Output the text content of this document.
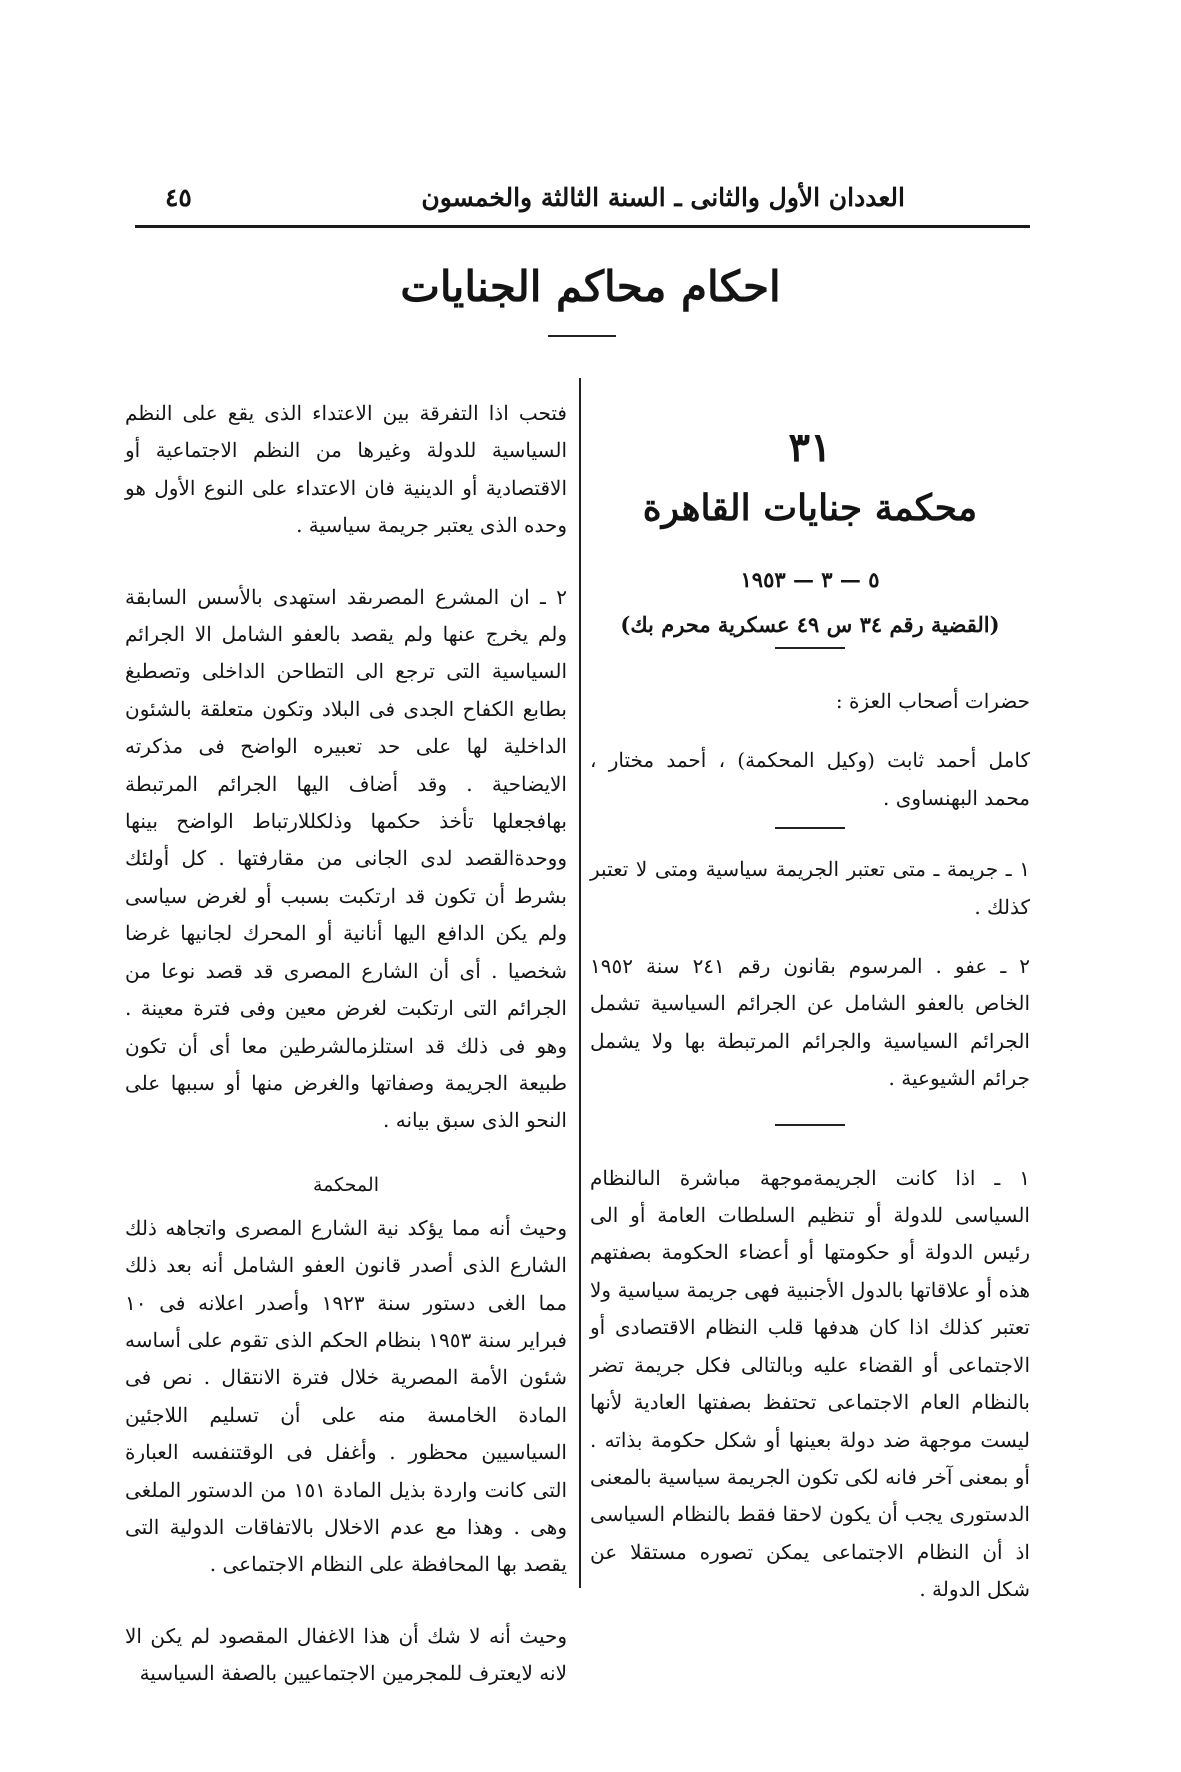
العددان الأول والثانى ـ السنة الثالثة والخمسون
٤٥
احكام محاكم الجنايات
٣١
محكمة جنايات القاهرة
٥ — ٣ — ١٩٥٣
(القضية رقم ٣٤ س ٤٩ عسكرية محرم بك)

حضرات أصحاب العزة :

كامل أحمد ثابت (وكيل المحكمة) ، أحمد مختار ، محمد البهنساوى .

١ ـ جريمة ـ متى تعتبر الجريمة سياسية ومتى لا تعتبر كذلك .

٢ ـ عفو . المرسوم بقانون رقم ٢٤١ سنة ١٩٥٢ الخاص بالعفو الشامل عن الجرائم السياسية تشمل الجرائم السياسية والجرائم المرتبطة بها ولا يشمل جرائم الشيوعية .

١ ـ اذا كانت الجريمةموجهة مباشرة الىالنظام السياسى للدولة أو تنظيم السلطات العامة أو الى رئيس الدولة أو حكومتها أو أعضاء الحكومة بصفتهم هذه أو علاقاتها بالدول الأجنبية فهى جريمة سياسية ولا تعتبر كذلك اذا كان هدفها قلب النظام الاقتصادى أو الاجتماعى أو القضاء عليه وبالتالى فكل جريمة تضر بالنظام العام الاجتماعى تحتفظ بصفتها العادية لأنها ليست موجهة ضد دولة بعينها أو شكل حكومة بذاته . أو بمعنى آخر فانه لكى تكون الجريمة سياسية بالمعنى الدستورى يجب أن يكون لاحقا فقط بالنظام السياسى اذ أن النظام الاجتماعى يمكن تصوره مستقلا عن شكل الدولة .

فتحب اذا التفرقة بين الاعتداء الذى يقع على النظم السياسية للدولة وغيرها من النظم الاجتماعية أو الاقتصادية أو الدينية فان الاعتداء على النوع الأول هو وحده الذى يعتبر جريمة سياسية .

٢ ـ ان المشرع المصرىقد استهدى بالأسس السابقة ولم يخرج عنها ولم يقصد بالعفو الشامل الا الجرائم السياسية التى ترجع الى التطاحن الداخلى وتصطبغ بطابع الكفاح الجدى فى البلاد وتكون متعلقة بالشئون الداخلية لها على حد تعبيره الواضح فى مذكرته الايضاحية . وقد أضاف اليها الجرائم المرتبطة بهافجعلها تأخذ حكمها وذلكللارتباط الواضح بينها ووحدةالقصد لدى الجانى من مقارفتها . كل أولئك بشرط أن تكون قد ارتكبت بسبب أو لغرض سياسى ولم يكن الدافع اليها أنانية أو المحرك لجانيها غرضا شخصيا . أى أن الشارع المصرى قد قصد نوعا من الجرائم التى ارتكبت لغرض معين وفى فترة معينة . وهو فى ذلك قد استلزمالشرطين معا أى أن تكون طبيعة الجريمة وصفاتها والغرض منها أو سببها على النحو الذى سبق بيانه .

المحكمة

وحيث أنه مما يؤكد نية الشارع المصرى واتجاهه ذلك الشارع الذى أصدر قانون العفو الشامل أنه بعد ذلك مما الغى دستور سنة ١٩٢٣ وأصدر اعلانه فى ١٠ فبراير سنة ١٩٥٣ بنظام الحكم الذى تقوم على أساسه شئون الأمة المصرية خلال فترة الانتقال . نص فى المادة الخامسة منه على أن تسليم اللاجئين السياسيين محظور . وأغفل فى الوقتنفسه العبارة التى كانت واردة بذيل المادة ١٥١ من الدستور الملغى وهى . وهذا مع عدم الاخلال بالاتفاقات الدولية التى يقصد بها المحافظة على النظام الاجتماعى .

وحيث أنه لا شك أن هذا الاغفال المقصود لم يكن الا لانه لايعترف للمجرمين الاجتماعيين بالصفة السياسية
